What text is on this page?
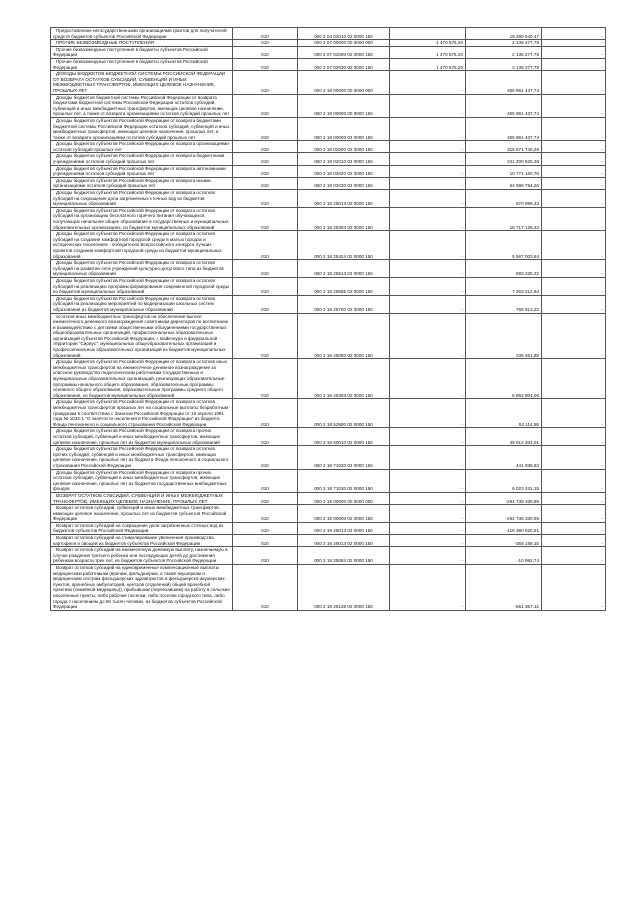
Предоставление негосударственными организациями грантов для получателей средств бюджетов субъектов Российской Федерации	010	000 2 04 02010 02 0000 150		19 289 040,47	-
ПРОЧИЕ БЕЗВОЗМЕЗДНЫЕ ПОСТУПЛЕНИЯ	010	000 2 07 00000 00 0000 000	1 470 575,20	2 136 277,78	-
Прочие безвозмездные поступления в бюджеты субъектов Российской Федерации	010	000 2 07 02000 02 0000 150	1 470 575,20	2 136 277,78	-
Прочие безвозмездные поступления в бюджеты субъектов Российской Федерации	010	000 2 07 02030 02 0000 150	1 470 575,20	2 136 277,78	-
ДОХОДЫ БЮДЖЕТОВ БЮДЖЕТНОЙ СИСТЕМЫ РОССИЙСКОЙ ФЕДЕРАЦИИ ОТ ВОЗВРАТА ОСТАТКОВ СУБСИДИЙ, СУБВЕНЦИЙ И ИНЫХ МЕЖБЮДЖЕТНЫХ ТРАНСФЕРТОВ, ИМЕЮЩИХ ЦЕЛЕВОЕ НАЗНАЧЕНИЕ, ПРОШЛЫХ ЛЕТ	010	000 2 18 00000 00 0000 000	-	405 961 437,74	-
Доходы бюджетов бюджетной системы Российской Федерации от возврата бюджетами бюджетной системы Российской Федерации остатков субсидий, субвенций и иных межбюджетных трансфертов, имеющих целевое назначение, прошлых лет, а также от возврата организациями остатков субсидий прошлых лет	010	000 2 18 00000 00 0000 150	-	405 961 437,74	-
Доходы бюджетов субъектов Российской Федерации от возврата бюджетами бюджетной системы Российской Федерации остатков субсидий, субвенций и иных межбюджетных трансфертов, имеющих целевое назначение, прошлых лет, а также от возврата организациями остатков субсидий прошлых лет	010	000 2 18 00000 02 0000 150	-	405 961 437,74	-
Доходы бюджетов субъектов Российской Федерации от возврата организациями остатков субсидий прошлых лет	010	000 2 18 02000 02 0000 150	-	316 571 740,26	-
Доходы бюджетов субъектов Российской Федерации от возврата бюджетными учреждениями остатков субсидий прошлых лет	010	000 2 18 02010 02 0000 150	-	241 200 625,38	-
Доходы бюджетов субъектов Российской Федерации от возврата автономными учреждениями остатков субсидий прошлых лет	010	000 2 18 02020 02 0000 150	-	10 771 160,76	-
Доходы бюджетов субъектов Российской Федерации от возврата иными организациями остатков субсидий прошлых лет	010	000 2 18 02030 02 0000 150	-	64 599 754,26	-
Доходы бюджетов субъектов Российской Федерации от возврата остатков субсидий на сокращение доли загрязненных сточных вод из бюджетов муниципальных образований	010	000 2 18 25013 02 0000 150	-	870 999,43	-
Доходы бюджетов субъектов Российской Федерации от возврата остатков субсидий на организацию бесплатного горячего питания обучающихся, получающих начальное общее образование в государственных и муниципальных образовательных организациях, из бюджетов муниципальных образований	010	000 2 18 25304 02 0000 150	-	15 717 128,43	-
Доходы бюджетов субъектов Российской Федерации от возврата остатков субсидий на создание комфортной городской среды в малых городах и исторических поселениях - победителях Всероссийского конкурса лучших проектов создания комфортной городской среды из бюджетов муниципальных образований	010	000 2 18 25424 02 0000 150	-	5 567 003,84	-
Доходы бюджетов субъектов Российской Федерации от возврата остатков субсидий на развитие сети учреждений культурно-досугового типа из бюджетов муниципальных образований	010	000 2 18 25513 02 0000 150	-	693 225,22	-
Доходы бюджетов субъектов Российской Федерации от возврата остатков субсидий на реализацию программ формирования современной городской среды из бюджетов муниципальных образований	010	000 2 18 25555 02 0000 150	-	7 263 212,94	-
Доходы бюджетов субъектов Российской Федерации от возврата остатков субсидий на реализацию мероприятий по модернизации школьных систем образования из бюджетов муниципальных образований	010	000 2 18 25750 02 0000 150	-	769 813,22	-
остатков иных межбюджетных трансфертов на обеспечение выплат ежемесячного денежного вознаграждения советникам директоров по воспитанию и взаимодействию с детскими общественными объединениями государственных общеобразовательных организаций, профессиональных образовательных организаций субъектов Российской Федерации, г. Байконура и федеральной территории "Сириус", муниципальных общеобразовательных организаций и профессиональных образовательных организаций из бюджетов муниципальных образований	010	000 2 18 45050 02 0000 150	-	235 651,88	-
Доходы бюджетов субъектов Российской Федерации от возврата остатков иных межбюджетных трансфертов на ежемесячное денежное вознаграждение за классное руководство педагогическим работникам государственных и муниципальных образовательных организаций, реализующих образовательные программы начального общего образования, образовательные программы основного общего образования, образовательные программы среднего общего образования, из бюджетов муниципальных образований	010	000 2 18 45303 02 0000 150	-	6 862 804,06	-
Доходы бюджетов субъектов Российской Федерации от возврата остатков межбюджетных трансфертов прошлых лет на социальные выплаты безработным гражданам в соответствии с Законом Российской Федерации от 19 апреля 1991 года № 1032-1 "О занятости населения в Российской Федерации" из бюджета Фонда пенсионного и социального страхования Российской Федерации	010	000 2 18 52900 02 0000 150	-	52 114,86	-
Доходы бюджетов субъектов Российской Федерации от возврата прочих остатков субсидий, субвенций и иных межбюджетных трансфертов, имеющих целевое назначение, прошлых лет из бюджетов муниципальных образований	010	000 2 18 60010 02 0000 150	-	45 012 304,01	-
Доходы бюджетов субъектов Российской Федерации от возврата остатков прочих субсидий, субвенций и иных межбюджетных трансфертов, имеющих целевое назначение, прошлых лет из бюджета Фонда пенсионного и социального страхования Российской Федерации	010	000 2 18 71020 02 0000 150	-	441 938,63	-
Доходы бюджетов субъектов Российской Федерации от возврата прочих остатков субсидий, субвенций и иных межбюджетных трансфертов, имеющих целевое назначение, прошлых лет из бюджетов государственных внебюджетных фондов	010	000 2 18 71030 02 0000 150	-	6 023 431,15	-
ВОЗВРАТ ОСТАТКОВ СУБСИДИЙ, СУБВЕНЦИЙ И ИНЫХ МЕЖБЮДЖЕТНЫХ ТРАНСФЕРТОВ, ИМЕЮЩИХ ЦЕЛЕВОЕ НАЗНАЧЕНИЕ, ПРОШЛЫХ ЛЕТ	010	000 2 19 00000 00 0000 000	-	-294 738 330,96	-
Возврат остатков субсидий, субвенций и иных межбюджетных трансфертов, имеющих целевое назначение, прошлых лет из бюджетов субъектов Российской Федерации	010	000 2 19 00000 02 0000 150	-	-294 738 330,96	-
Возврат остатков субсидий на сокращение доли загрязненных сточных вод из бюджетов субъектов Российской Федерации	010	000 2 19 25013 02 0000 150	-	-116 380 520,51	-
Возврат остатков субсидий на стимулирование увеличения производства картофеля и овощей из бюджетов субъектов Российской Федерации	010	000 2 19 25014 02 0000 150	-	-355 158,15	-
Возврат остатков субсидий на ежемесячную денежную выплату, назначаемую в случае рождения третьего ребенка или последующих детей до достижения ребенком возраста трех лет, из бюджетов субъектов Российской Федерации	010	000 2 19 25084 02 0000 150	-	-10 982,74	-
Возврат остатков субсидий на единовременные компенсационные выплаты медицинским работникам (врачам, фельдшерам, а также акушеркам и медицинским сестрам фельдшерских здравпунктов и фельдшерско-акушерских пунктов, врачебных амбулаторий, центров (отделений) общей врачебной практики (семейной медицины)), прибывшим (переехавшим) на работу в сельские населенные пункты, либо рабочие поселки, либо поселки городского типа, либо города с населением до 50 тысяч человек, из бюджетов субъектов Российской Федерации	010	000 2 19 25138 02 0000 150	-	-561 367,12	-
